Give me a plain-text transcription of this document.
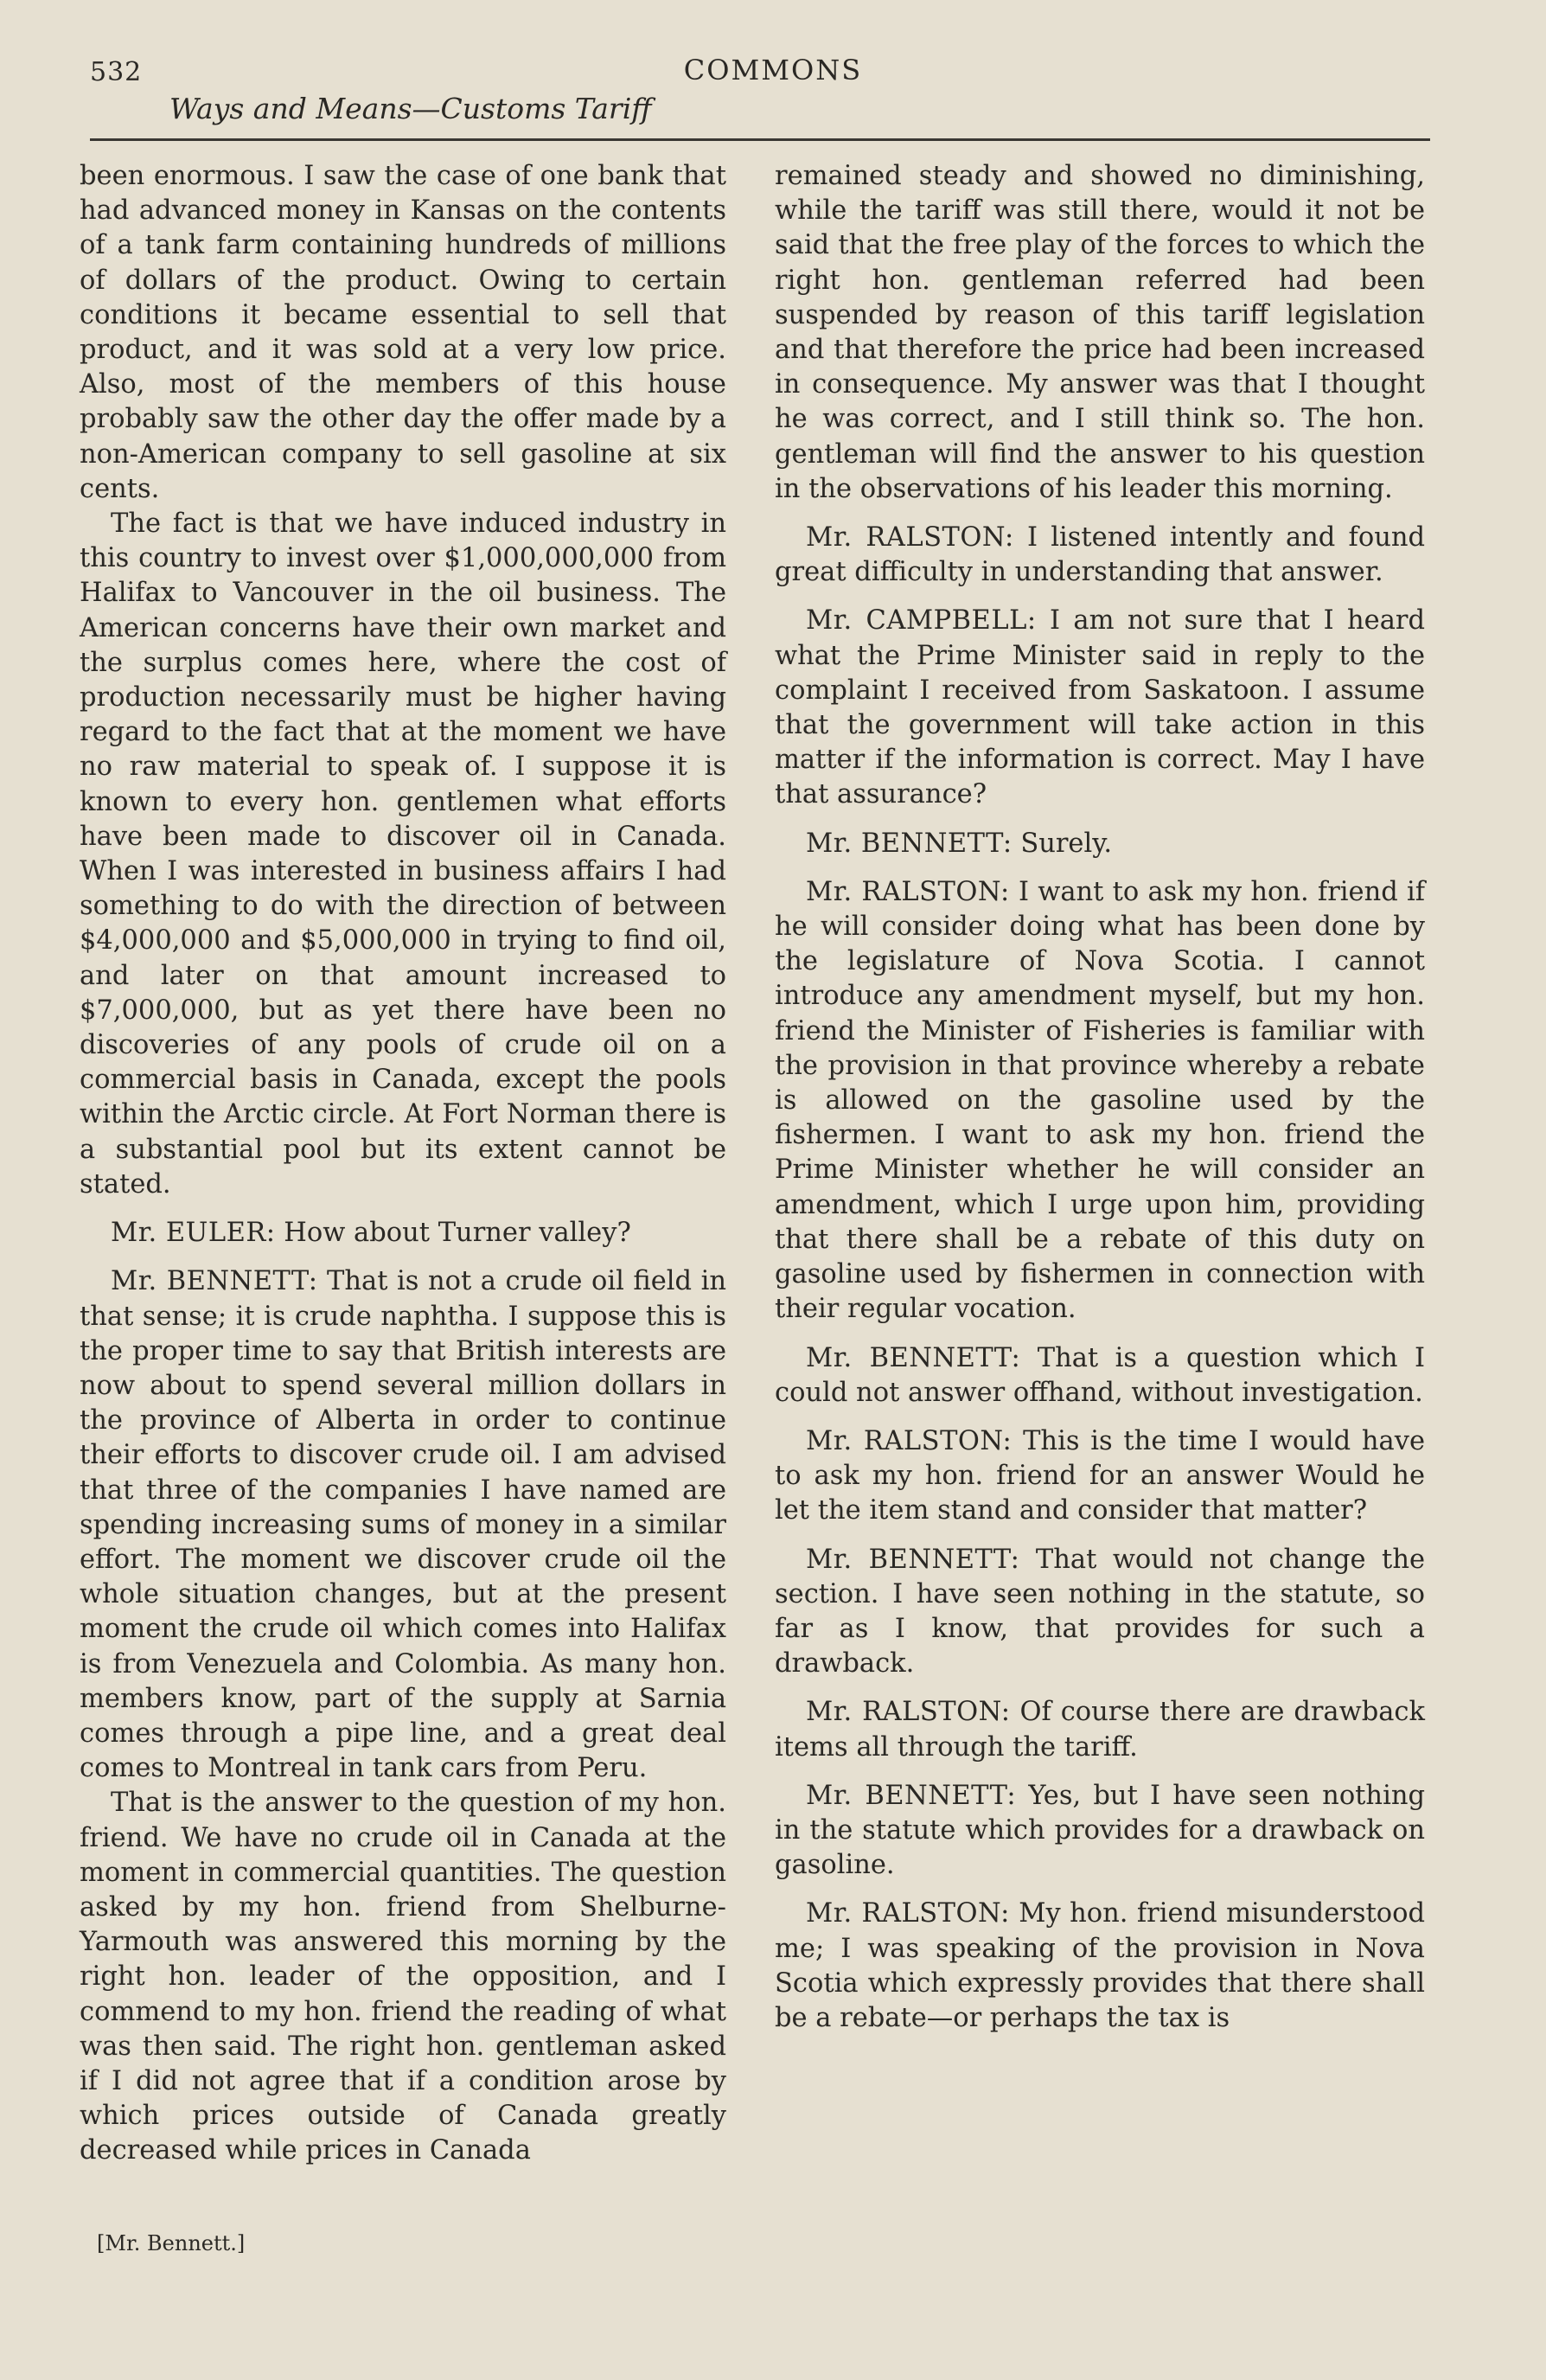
532	COMMONS
Ways and Means—Customs Tariff

been enormous. I saw the case of one bank that had advanced money in Kansas on the contents of a tank farm containing hundreds of millions of dollars of the product. Owing to certain conditions it became essential to sell that product, and it was sold at a very low price. Also, most of the members of this house probably saw the other day the offer made by a non-American company to sell gasoline at six cents.

The fact is that we have induced industry in this country to invest over $1,000,000,000 from Halifax to Vancouver in the oil business. The American concerns have their own market and the surplus comes here, where the cost of production necessarily must be higher having regard to the fact that at the moment we have no raw material to speak of. I suppose it is known to every hon. gentlemen what efforts have been made to discover oil in Canada. When I was interested in business affairs I had something to do with the direction of between $4,000,000 and $5,000,000 in trying to find oil, and later on that amount increased to $7,000,000, but as yet there have been no discoveries of any pools of crude oil on a commercial basis in Canada, except the pools within the Arctic circle. At Fort Norman there is a substantial pool but its extent cannot be stated.

Mr. EULER: How about Turner valley?

Mr. BENNETT: That is not a crude oil field in that sense; it is crude naphtha. I suppose this is the proper time to say that British interests are now about to spend several million dollars in the province of Alberta in order to continue their efforts to discover crude oil. I am advised that three of the companies I have named are spending increasing sums of money in a similar effort. The moment we discover crude oil the whole situation changes, but at the present moment the crude oil which comes into Halifax is from Venezuela and Colombia. As many hon. members know, part of the supply at Sarnia comes through a pipe line, and a great deal comes to Montreal in tank cars from Peru.

That is the answer to the question of my hon. friend. We have no crude oil in Canada at the moment in commercial quantities. The question asked by my hon. friend from Shelburne-Yarmouth was answered this morning by the right hon. leader of the opposition, and I commend to my hon. friend the reading of what was then said. The right hon. gentleman asked if I did not agree that if a condition arose by which prices outside of Canada greatly decreased while prices in Canada

remained steady and showed no diminishing, while the tariff was still there, would it not be said that the free play of the forces to which the right hon. gentleman referred had been suspended by reason of this tariff legislation and that therefore the price had been increased in consequence. My answer was that I thought he was correct, and I still think so. The hon. gentleman will find the answer to his question in the observations of his leader this morning.

Mr. RALSTON: I listened intently and found great difficulty in understanding that answer.

Mr. CAMPBELL: I am not sure that I heard what the Prime Minister said in reply to the complaint I received from Saskatoon. I assume that the government will take action in this matter if the information is correct. May I have that assurance?

Mr. BENNETT: Surely.

Mr. RALSTON: I want to ask my hon. friend if he will consider doing what has been done by the legislature of Nova Scotia. I cannot introduce any amendment myself, but my hon. friend the Minister of Fisheries is familiar with the provision in that province whereby a rebate is allowed on the gasoline used by the fishermen. I want to ask my hon. friend the Prime Minister whether he will consider an amendment, which I urge upon him, providing that there shall be a rebate of this duty on gasoline used by fishermen in connection with their regular vocation.

Mr. BENNETT: That is a question which I could not answer offhand, without investigation.

Mr. RALSTON: This is the time I would have to ask my hon. friend for an answer Would he let the item stand and consider that matter?

Mr. BENNETT: That would not change the section. I have seen nothing in the statute, so far as I know, that provides for such a drawback.

Mr. RALSTON: Of course there are drawback items all through the tariff.

Mr. BENNETT: Yes, but I have seen nothing in the statute which provides for a drawback on gasoline.

Mr. RALSTON: My hon. friend misunderstood me; I was speaking of the provision in Nova Scotia which expressly provides that there shall be a rebate—or perhaps the tax is

[Mr. Bennett.]
